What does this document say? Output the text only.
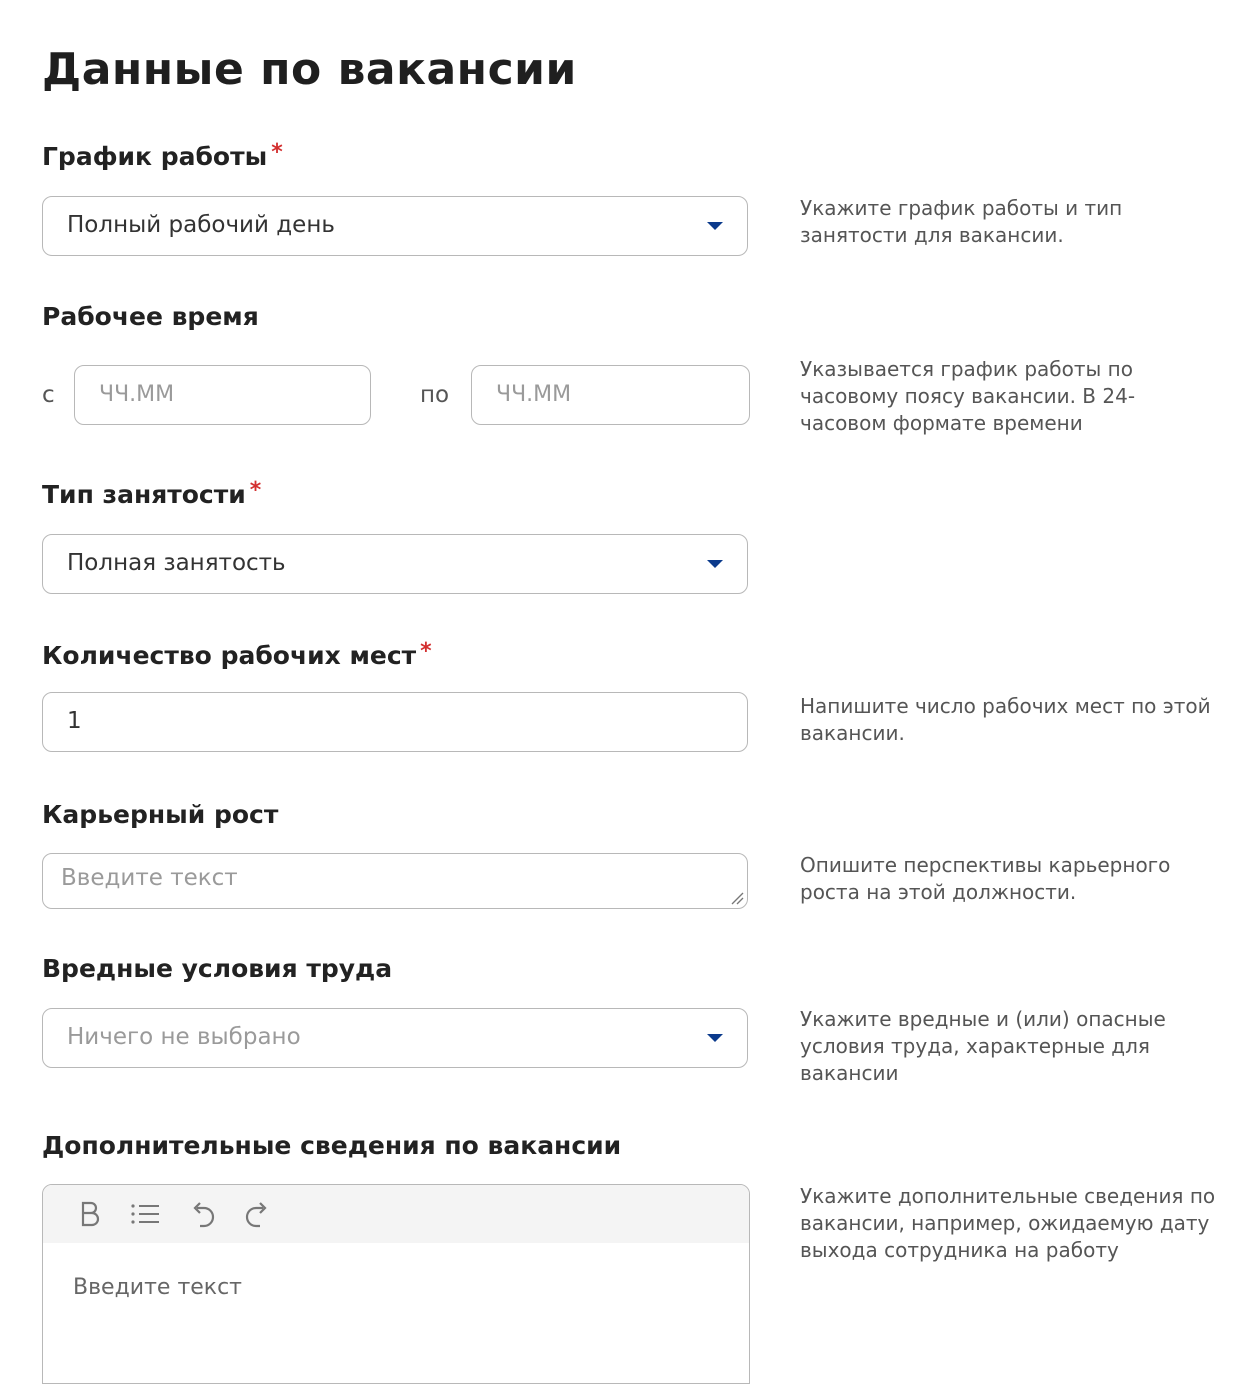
Данные по вакансии
График работы *
Полный рабочий день
Укажите график работы и тип занятости для вакансии.
Рабочее время
с ЧЧ.ММ	по ЧЧ.ММ
Указывается график работы по часовому поясу вакансии. В 24-часовом формате времени
Тип занятости *
Полная занятость
Количество рабочих мест *
1
Напишите число рабочих мест по этой вакансии.
Карьерный рост
Введите текст	Опишите перспективы карьерного роста на этой должности.
Вредные условия труда
Ничего не выбрано
Укажите вредные и (или) опасные условия труда, характерные для вакансии
Дополнительные сведения по вакансии
Введите текст
Укажите дополнительные сведения по вакансии, например, ожидаемую дату выхода сотрудника на работу
